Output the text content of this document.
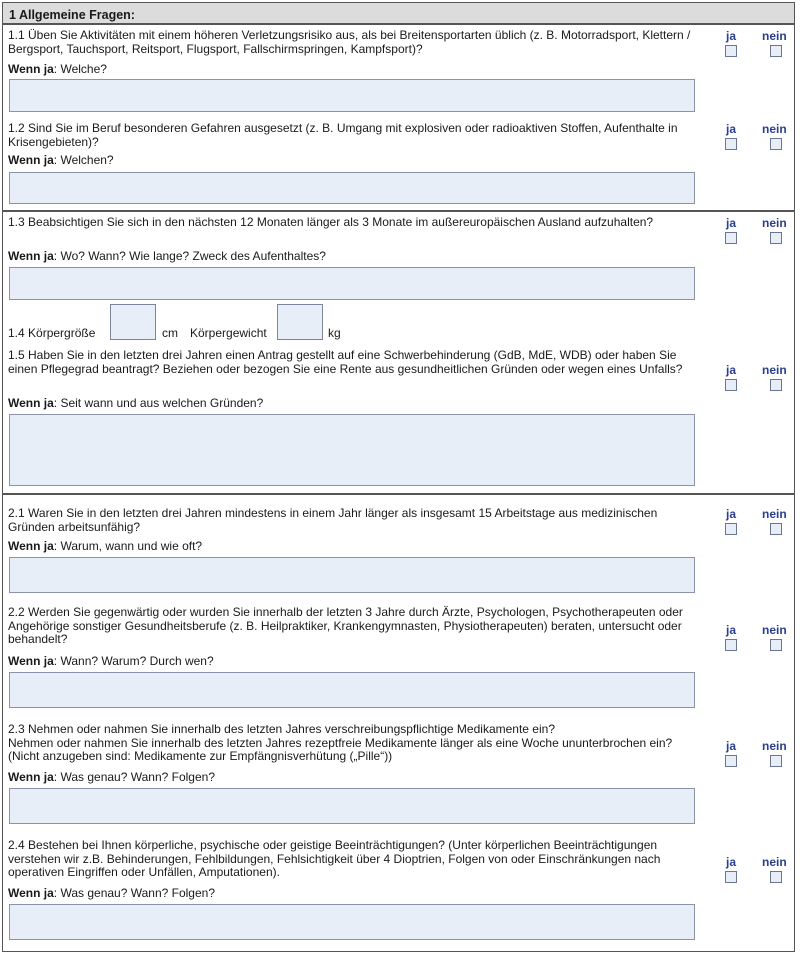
1 Allgemeine Fragen:

1.1 Üben Sie Aktivitäten mit einem höheren Verletzungsrisiko aus, als bei Breitensportarten üblich (z. B. Motorradsport, Klettern / Bergsport, Tauchsport, Reitsport, Flugsport, Fallschirmspringen, Kampfsport)?

Wenn ja: Welche?
ja nein

1.2 Sind Sie im Beruf besonderen Gefahren ausgesetzt (z. B. Umgang mit explosiven oder radioaktiven Stoffen, Aufenthalte in Krisengebieten)?

Wenn ja: Welchen?
ja nein

1.3 Beabsichtigen Sie sich in den nächsten 12 Monaten länger als 3 Monate im außereuropäischen Ausland aufzuhalten?

Wenn ja: Wo? Wann? Wie lange? Zweck des Aufenthaltes?
ja nein
1.4 Körpergröße	cm Körpergewicht	kg

1.5 Haben Sie in den letzten drei Jahren einen Antrag gestellt auf eine Schwerbehinderung (GdB, MdE, WDB) oder haben Sie einen Pflegegrad beantragt? Beziehen oder bezogen Sie eine Rente aus gesundheitlichen Gründen oder wegen eines Unfalls?

Wenn ja: Seit wann und aus welchen Gründen?
ja nein

2.1 Waren Sie in den letzten drei Jahren mindestens in einem Jahr länger als insgesamt 15 Arbeitstage aus medizinischen Gründen arbeitsunfähig?

Wenn ja: Warum, wann und wie oft?
ja nein

2.2 Werden Sie gegenwärtig oder wurden Sie innerhalb der letzten 3 Jahre durch Ärzte, Psychologen, Psychotherapeuten oder Angehörige sonstiger Gesundheitsberufe (z. B. Heilpraktiker, Krankengymnasten, Physiotherapeuten) beraten, untersucht oder behandelt?

Wenn ja: Wann? Warum? Durch wen?
ja nein

2.3 Nehmen oder nahmen Sie innerhalb des letzten Jahres verschreibungspflichtige Medikamente ein?

Nehmen oder nahmen Sie innerhalb des letzten Jahres rezeptfreie Medikamente länger als eine Woche ununterbrochen ein? (Nicht anzugeben sind: Medikamente zur Empfängnisverhütung („Pille“))

Wenn ja: Was genau? Wann? Folgen?
ja nein

2.4 Bestehen bei Ihnen körperliche, psychische oder geistige Beeinträchtigungen? (Unter körperlichen Beeinträchtigungen verstehen wir z.B. Behinderungen, Fehlbildungen, Fehlsichtigkeit über 4 Dioptrien, Folgen von oder Einschränkungen nach operativen Eingriffen oder Unfällen, Amputationen).

Wenn ja: Was genau? Wann? Folgen?
ja nein
